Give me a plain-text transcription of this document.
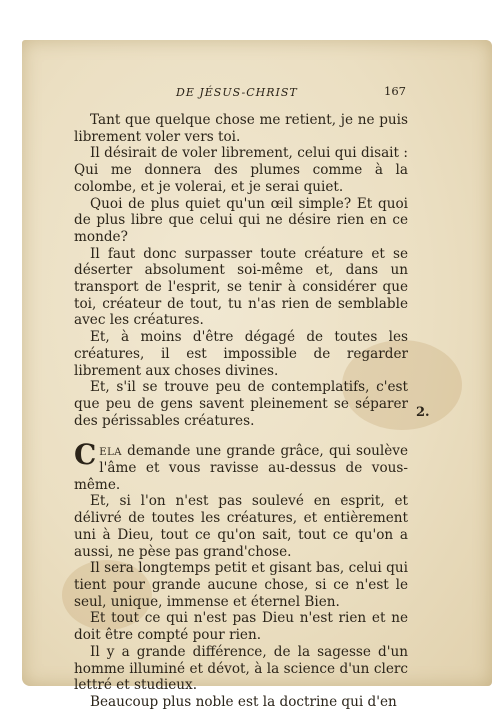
DE JÉSUS-CHRIST	167

Tant que quelque chose me retient, je ne puis librement voler vers toi.

Il désirait de voler librement, celui qui disait : Qui me donnera des plumes comme à la colombe, et je volerai, et je serai quiet.

Quoi de plus quiet qu'un œil simple? Et quoi de plus libre que celui qui ne désire rien en ce monde?

Il faut donc surpasser toute créature et se déserter absolument soi-même et, dans un transport de l'esprit, se tenir à considérer que toi, créateur de tout, tu n'as rien de semblable avec les créatures.

Et, à moins d'être dégagé de toutes les créatures, il est impossible de regarder librement aux choses divines.

Et, s'il se trouve peu de contemplatifs, c'est que peu de gens savent pleinement se séparer des périssables créatures.

Cela demande une grande grâce, qui soulève l'âme et vous ravisse au-dessus de vous-même.

Et, si l'on n'est pas soulevé en esprit, et délivré de toutes les créatures, et entièrement uni à Dieu, tout ce qu'on sait, tout ce qu'on a aussi, ne pèse pas grand'chose.

Il sera longtemps petit et gisant bas, celui qui tient pour grande aucune chose, si ce n'est le seul, unique, immense et éternel Bien.

Et tout ce qui n'est pas Dieu n'est rien et ne doit être compté pour rien.

Il y a grande différence, de la sagesse d'un homme illuminé et dévot, à la science d'un clerc lettré et studieux.

Beaucoup plus noble est la doctrine qui d'en

2.
